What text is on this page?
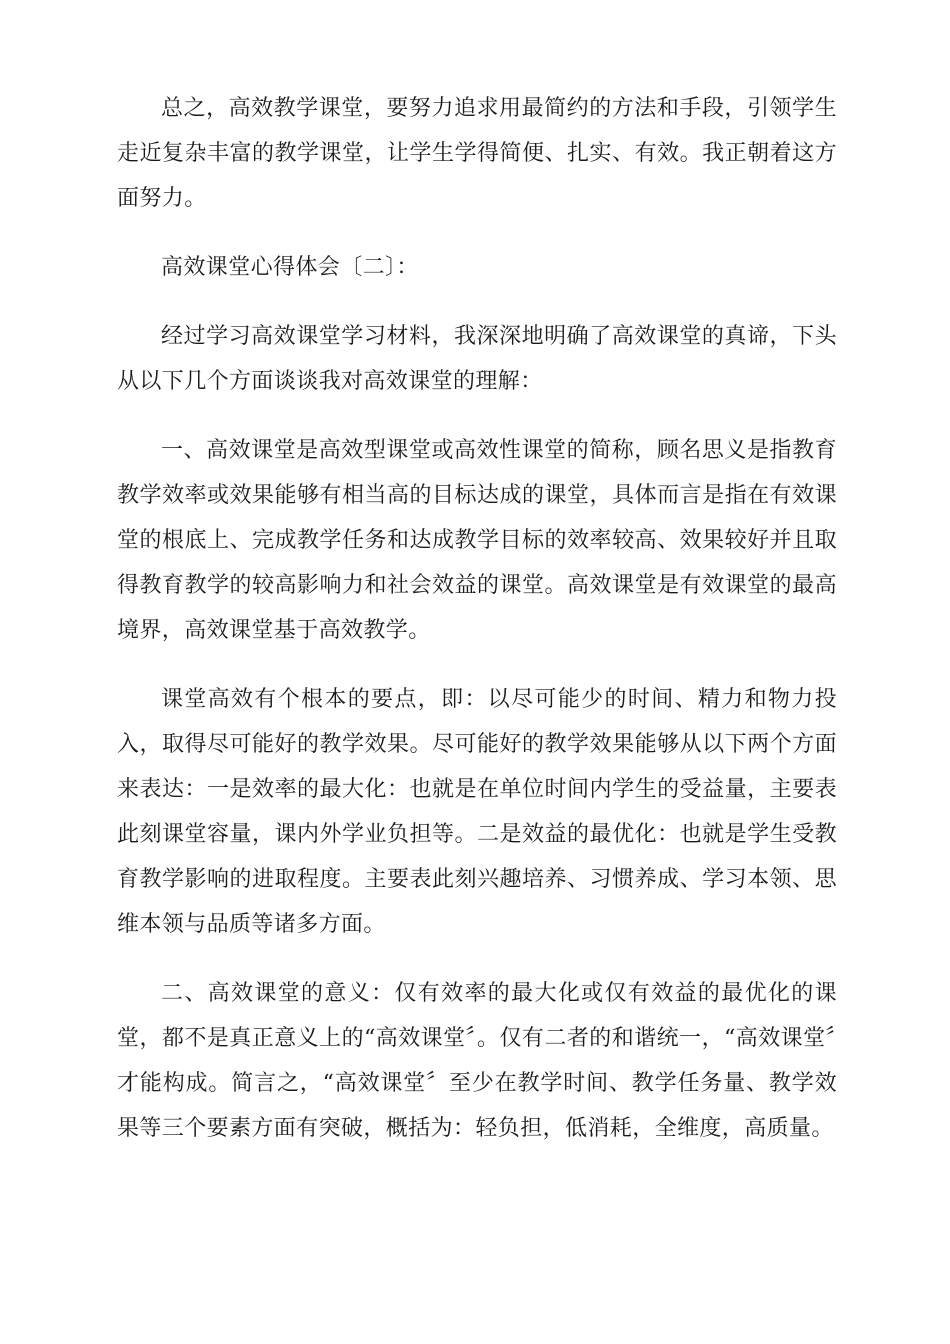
总之，高效教学课堂，要努力追求用最简约的方法和手段，引领学生走近复杂丰富的教学课堂，让学生学得简便、扎实、有效。我正朝着这方面努力。

高效课堂心得体会〔二〕：

经过学习高效课堂学习材料，我深深地明确了高效课堂的真谛，下头从以下几个方面谈谈我对高效课堂的理解：

一、高效课堂是高效型课堂或高效性课堂的简称，顾名思义是指教育教学效率或效果能够有相当高的目标达成的课堂，具体而言是指在有效课堂的根底上、完成教学任务和达成教学目标的效率较高、效果较好并且取得教育教学的较高影响力和社会效益的课堂。高效课堂是有效课堂的最高境界，高效课堂基于高效教学。

课堂高效有个根本的要点，即：以尽可能少的时间、精力和物力投入，取得尽可能好的教学效果。尽可能好的教学效果能够从以下两个方面来表达：一是效率的最大化：也就是在单位时间内学生的受益量，主要表此刻课堂容量，课内外学业负担等。二是效益的最优化：也就是学生受教育教学影响的进取程度。主要表此刻兴趣培养、习惯养成、学习本领、思维本领与品质等诸多方面。

二、高效课堂的意义：仅有效率的最大化或仅有效益的最优化的课堂，都不是真正意义上的“高效课堂〞。仅有二者的和谐统一，“高效课堂〞才能构成。简言之，“高效课堂〞至少在教学时间、教学任务量、教学效果等三个要素方面有突破，概括为：轻负担，低消耗，全维度，高质量。
